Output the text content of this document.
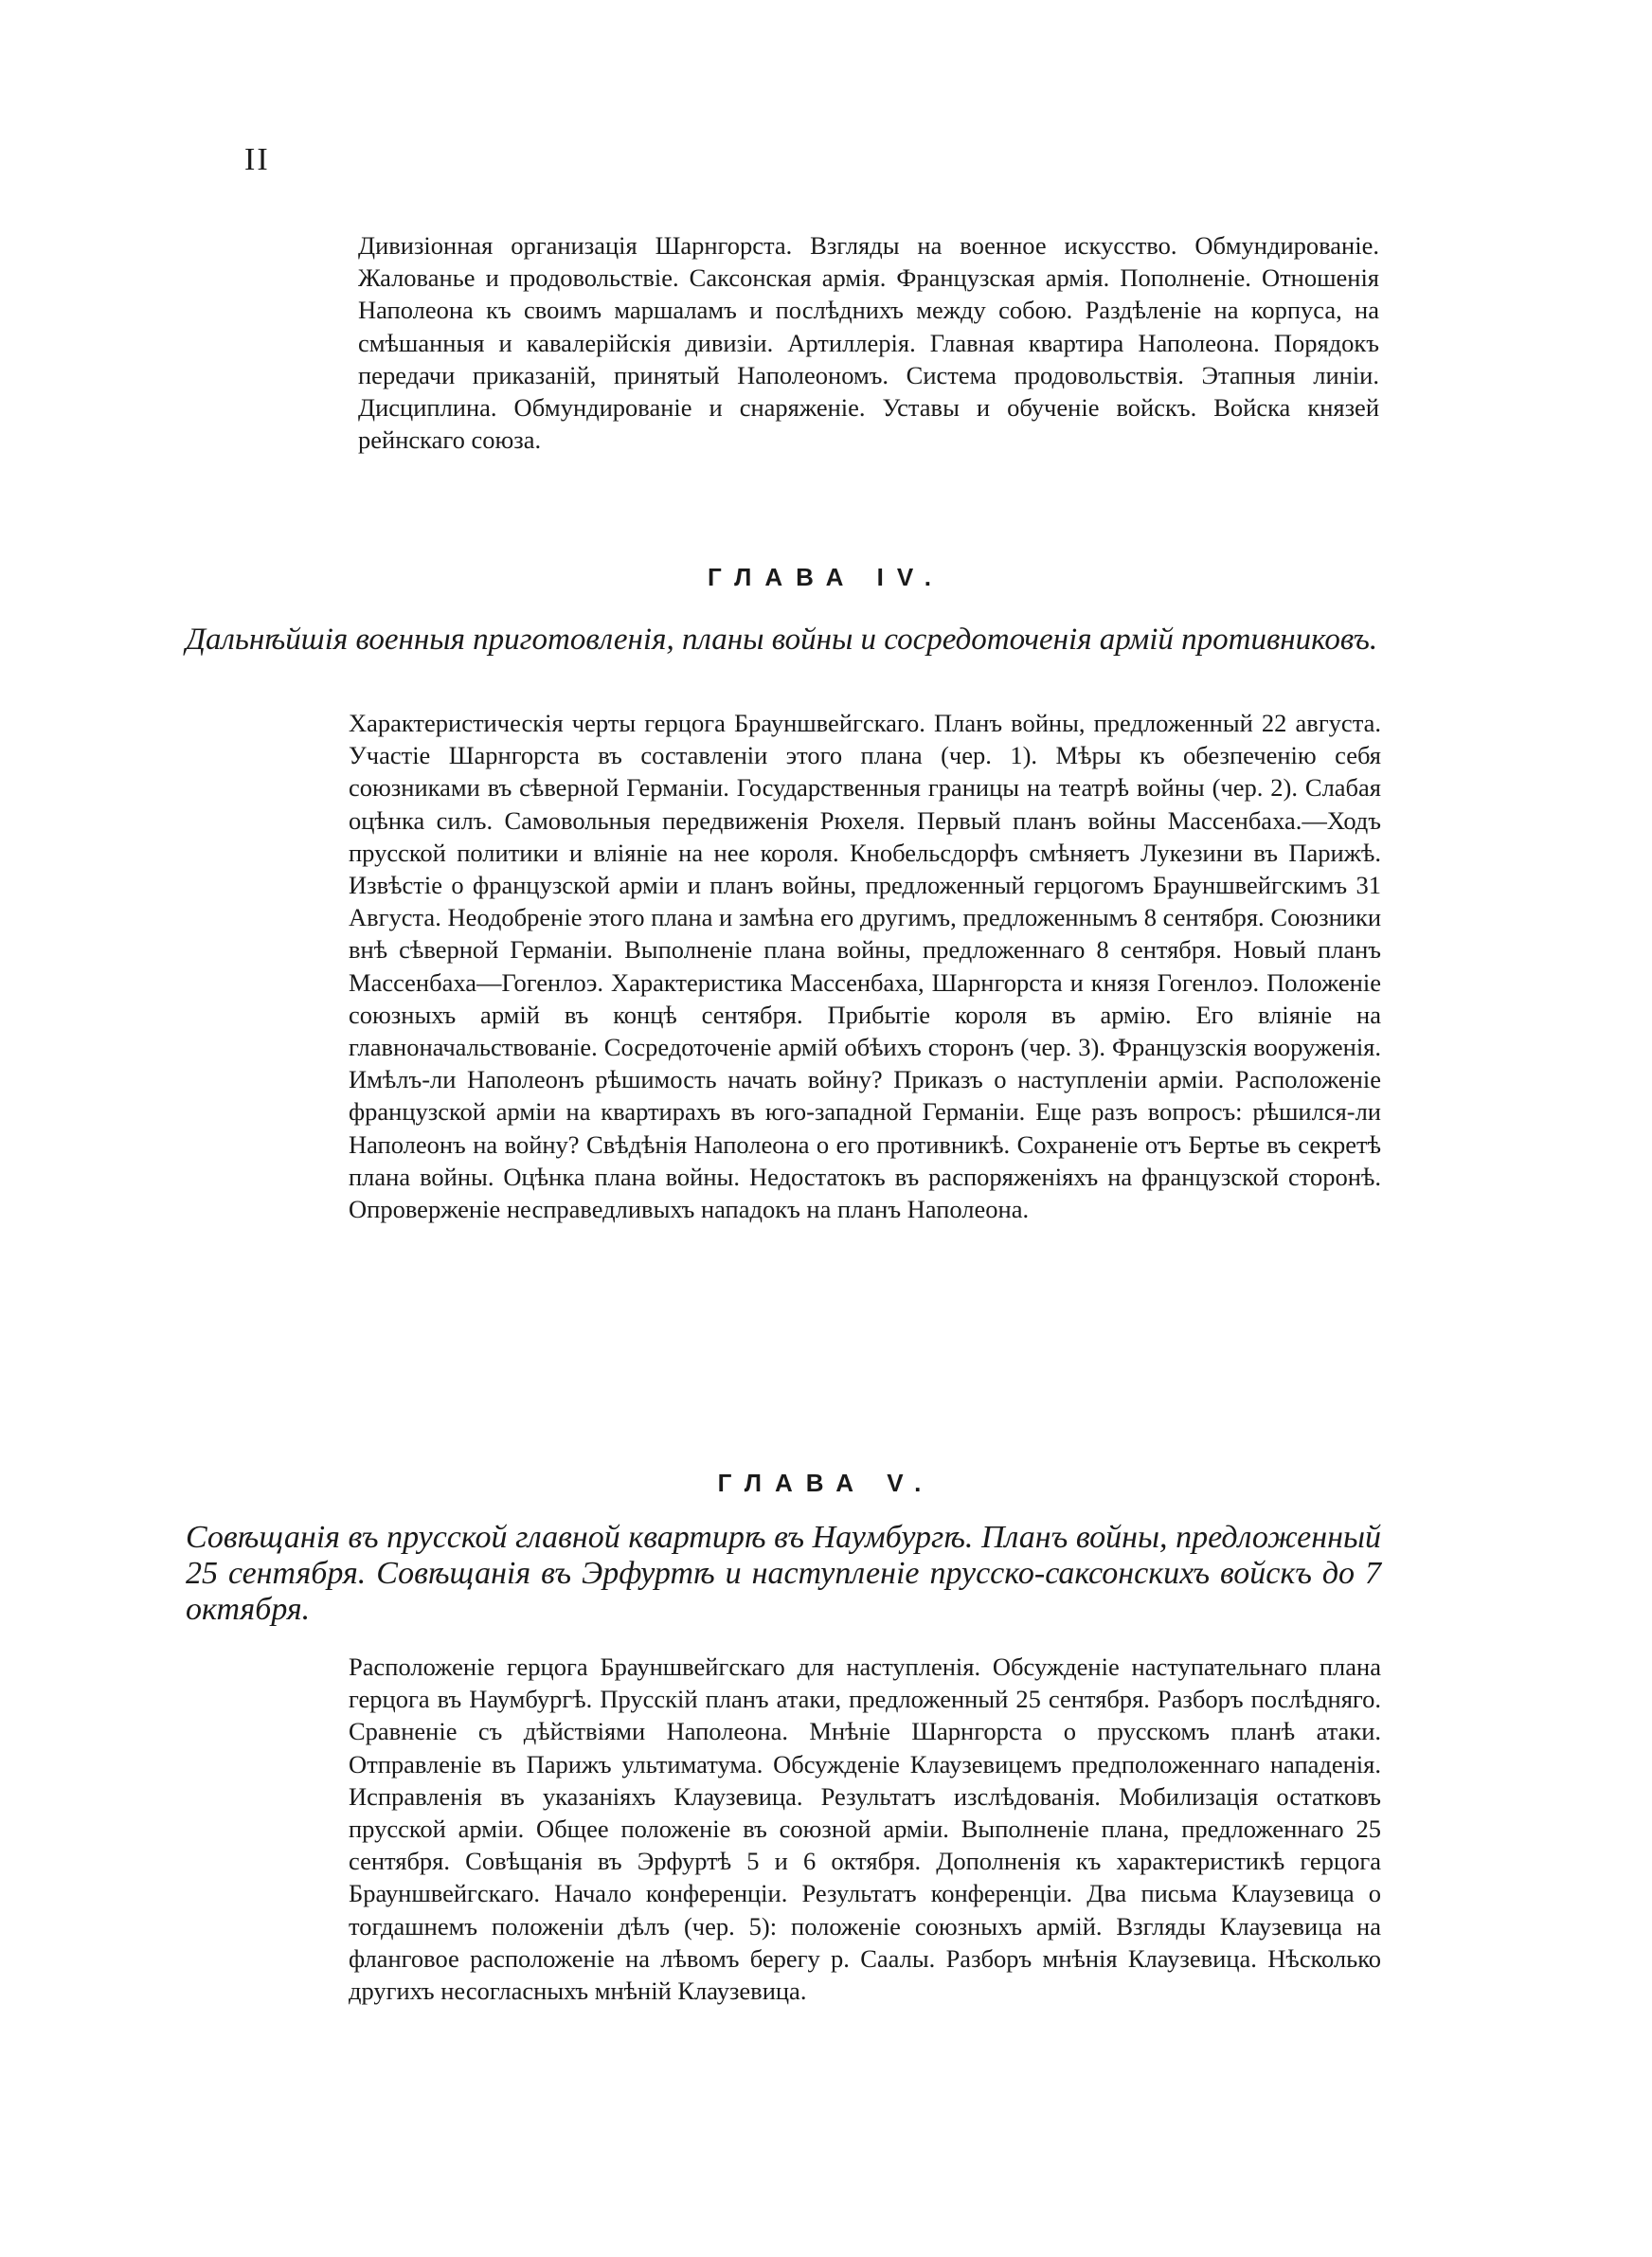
II

Дивизіонная организація Шарнгорста. Взгляды на военное искусство. Обмундированіе. Жалованье и продовольствіе. Саксонская армія. Французская армія. Пополненіе. Отношенія Наполеона къ своимъ маршаламъ и послѣднихъ между собою. Раздѣленіе на корпуса, на смѣшанныя и кавалерійскія дивизіи. Артиллерія. Главная квартира Наполеона. Порядокъ передачи приказаній, принятый Наполеономъ. Система продовольствія. Этапныя линіи. Дисциплина. Обмундированіе и снаряженіе. Уставы и обученіе войскъ. Войска князей рейнскаго союза.

ГЛАВА IV.

Дальнѣйшія военныя приготовленія, планы войны и сосредоточенія армій противниковъ.

Характеристическія черты герцога Брауншвейгскаго. Планъ войны, предложенный 22 августа. Участіе Шарнгорста въ составленіи этого плана (чер. 1). Мѣры къ обезпеченію себя союзниками въ сѣверной Германіи. Государственныя границы на театрѣ войны (чер. 2). Слабая оцѣнка силъ. Самовольныя передвиженія Рюхеля. Первый планъ войны Массенбаха.—Ходъ прусской политики и вліяніе на нее короля. Кнобельсдорфъ смѣняетъ Лукезини въ Парижѣ. Извѣстіе о французской арміи и планъ войны, предложенный герцогомъ Брауншвейгскимъ 31 Августа. Неодобреніе этого плана и замѣна его другимъ, предложеннымъ 8 сентября. Союзники внѣ сѣверной Германіи. Выполненіе плана войны, предложеннаго 8 сентября. Новый планъ Массенбаха—Гогенлоэ. Характеристика Массенбаха, Шарнгорста и князя Гогенлоэ. Положеніе союзныхъ армій въ концѣ сентября. Прибытіе короля въ армію. Его вліяніе на главноначальствованіе. Сосредоточеніе армій обѣихъ сторонъ (чер. 3). Французскія вооруженія. Имѣлъ-ли Наполеонъ рѣшимость начать войну? Приказъ о наступленіи арміи. Расположеніе французской арміи на квартирахъ въ юго-западной Германіи. Еще разъ вопросъ: рѣшился-ли Наполеонъ на войну? Свѣдѣнія Наполеона о его противникѣ. Сохраненіе отъ Бертье въ секретѣ плана войны. Оцѣнка плана войны. Недостатокъ въ распоряженіяхъ на французской сторонѣ. Опроверженіе несправедливыхъ нападокъ на планъ Наполеона.

ГЛАВА V.

Совѣщанія въ прусской главной квартирѣ въ Наумбургѣ. Планъ войны, предложенный 25 сентября. Совѣщанія въ Эрфуртѣ и наступленіе прусско-саксонскихъ войскъ до 7 октября.

Расположеніе герцога Брауншвейгскаго для наступленія. Обсужденіе наступательнаго плана герцога въ Наумбургѣ. Прусскій планъ атаки, предложенный 25 сентября. Разборъ послѣдняго. Сравненіе съ дѣйствіями Наполеона. Мнѣніе Шарнгорста о прусскомъ планѣ атаки. Отправленіе въ Парижъ ультиматума. Обсужденіе Клаузевицемъ предположеннаго нападенія. Исправленія въ указаніяхъ Клаузевица. Результатъ изслѣдованія. Мобилизація остатковъ прусской арміи. Общее положеніе въ союзной арміи. Выполненіе плана, предложеннаго 25 сентября. Совѣщанія въ Эрфуртѣ 5 и 6 октября. Дополненія къ характеристикѣ герцога Брауншвейгскаго. Начало конференціи. Результатъ конференціи. Два письма Клаузевица о тогдашнемъ положеніи дѣлъ (чер. 5): положеніе союзныхъ армій. Взгляды Клаузевица на фланговое расположеніе на лѣвомъ берегу р. Саалы. Разборъ мнѣнія Клаузевица. Нѣсколько другихъ несогласныхъ мнѣній Клаузевица.
